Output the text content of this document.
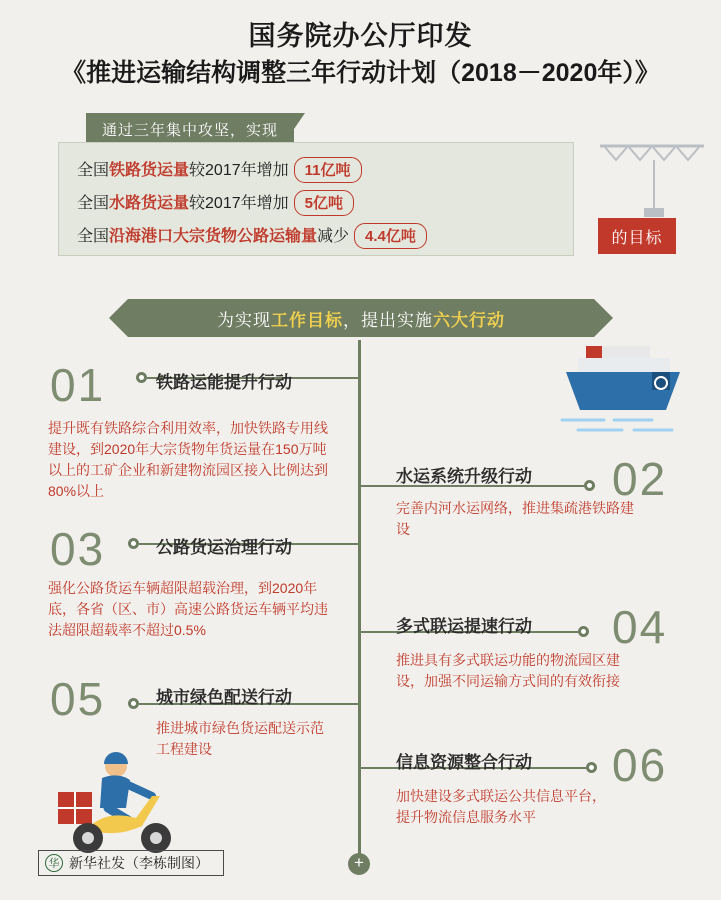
国务院办公厅印发
《推进运输结构调整三年行动计划（2018－2020年）》
通过三年集中攻坚，实现
全国铁路货运量较2017年增加 11亿吨
全国水路货运量较2017年增加 5亿吨
全国沿海港口大宗货物公路运输量减少 4.4亿吨	的目标
为实现 工作目标 ，提出实施 六大行动
+
01	铁路运能提升行动
提升既有铁路综合利用效率，加快铁路专用线建设，到2020年大宗货物年货运量在150万吨以上的工矿企业和新建物流园区接入比例达到80%以上	02
水运系统升级行动
完善内河水运网络，推进集疏港铁路建设
03	公路货运治理行动
强化公路货运车辆超限超载治理，到2020年底，各省（区、市）高速公路货运车辆平均违法超限超载率不超过0.5%	04
多式联运提速行动
推进具有多式联运功能的物流园区建设，加强不同运输方式间的有效衔接
05	城市绿色配送行动
推进城市绿色货运配送示范工程建设	06
信息资源整合行动
加快建设多式联运公共信息平台，提升物流信息服务水平
华 新华社发（李栋制图）
